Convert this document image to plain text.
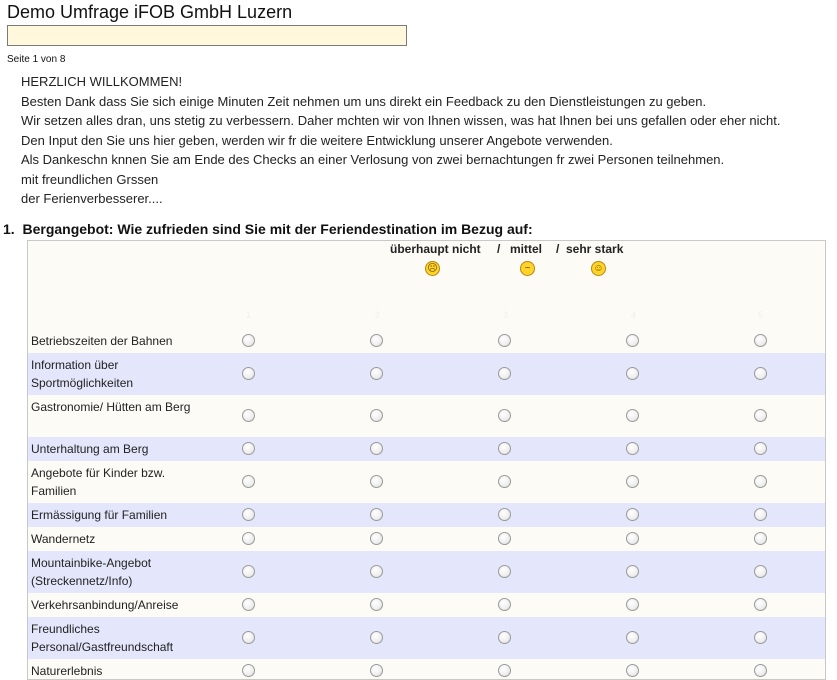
Demo Umfrage iFOB GmbH Luzern
Seite 1 von 8
HERZLICH WILLKOMMEN!
Besten Dank dass Sie sich einige Minuten Zeit nehmen um uns direkt ein Feedback zu den Dienstleistungen zu geben.
Wir setzen alles dran, uns stetig zu verbessern. Daher mchten wir von Ihnen wissen, was hat Ihnen bei uns gefallen oder eher nicht.
Den Input den Sie uns hier geben, werden wir fr die weitere Entwicklung unserer Angebote verwenden.
Als Dankeschn knnen Sie am Ende des Checks an einer Verlosung von zwei bernachtungen fr zwei Personen teilnehmen.
mit freundlichen Grssen
der Ferienverbesserer....
1. Bergangebot: Wie zufrieden sind Sie mit der Feriendestination im Bezug auf:
überhaupt nicht / mittel / sehr stark
☹	~	☺
1	2	3	4	5
Betriebszeiten der Bahnen
Information über Sportmöglichkeiten
Gastronomie/ Hütten am Berg
Unterhaltung am Berg
Angebote für Kinder bzw. Familien
Ermässigung für Familien
Wandernetz
Mountainbike-Angebot (Streckennetz/Info)
Verkehrsanbindung/Anreise
Freundliches Personal/Gastfreundschaft
Naturerlebnis
